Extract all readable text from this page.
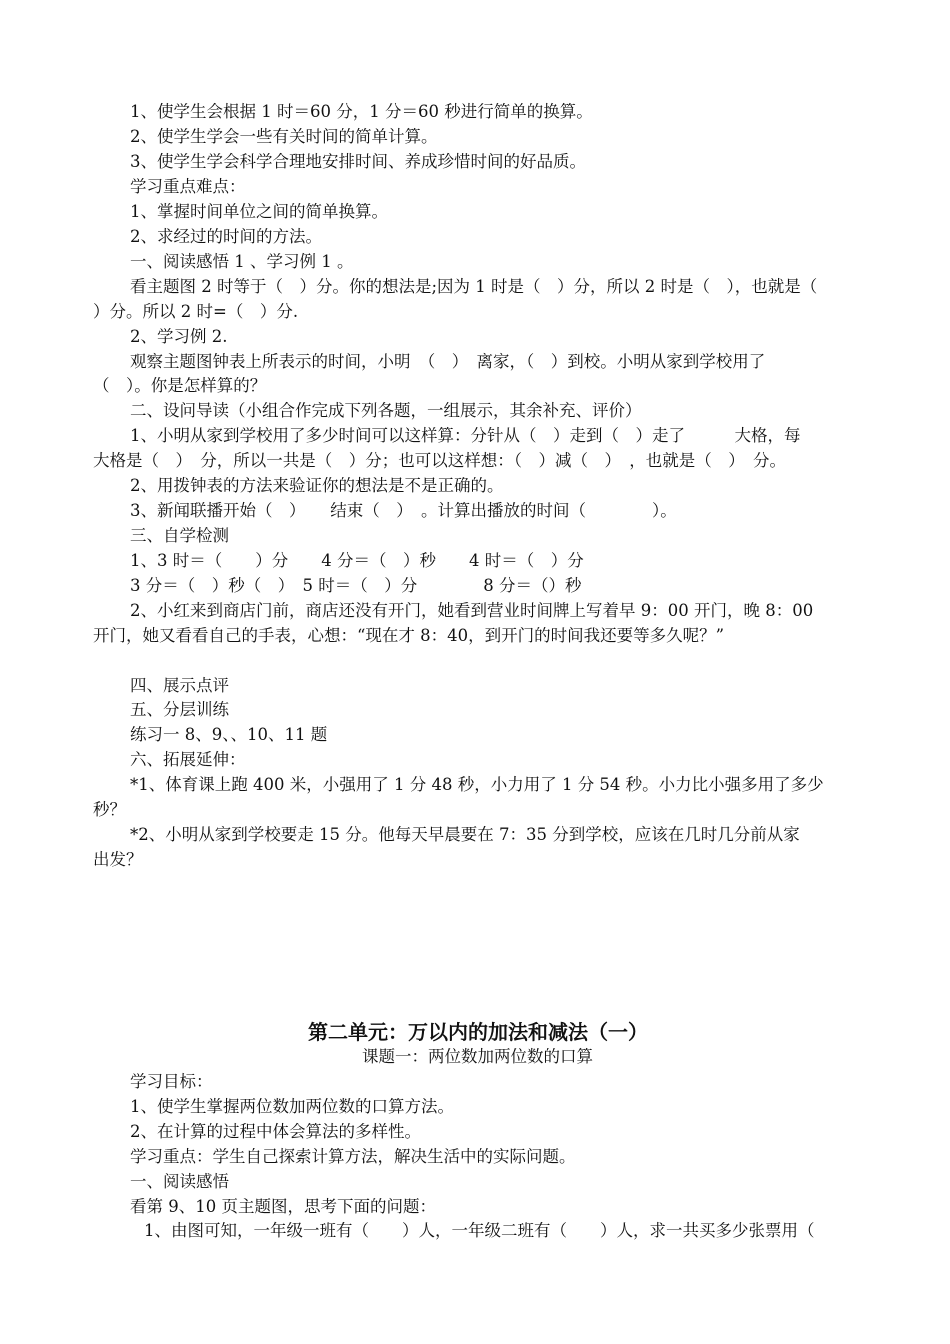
1、使学生会根据 1 时＝60 分，1 分＝60 秒进行简单的换算。
2、使学生学会一些有关时间的简单计算。
3、使学生学会科学合理地安排时间、养成珍惜时间的好品质。
学习重点难点：
1、掌握时间单位之间的简单换算。
2、求经过的时间的方法。
一、阅读感悟 1 、学习例 1 。
看主题图 2 时等于（　）分。你的想法是;因为 1 时是（　）分，所以 2 时是（　），也就是（
）分。所以 2 时=（　）分.
2、学习例 2.
观察主题图钟表上所表示的时间，小明　（　）　离家，（　）到校。小明从家到学校用了
（　）。你是怎样算的？
二、设问导读（小组合作完成下列各题，一组展示，其余补充、评价）
1、小明从家到学校用了多少时间可以这样算：分针从（　）走到（　）走了　　　大格，每
大格是（　）　分，所以一共是（　）分；也可以这样想：（　）减（　）　，也就是（　）　分。
2、用拨钟表的方法来验证你的想法是不是正确的。
3、新闻联播开始（　）　　结束（　）　。计算出播放的时间（　　　　）。
三、自学检测
1、3 时＝（　　）分　　4 分＝（　）秒　　4 时＝（　）分
3 分＝（　）秒（　）　5 时＝（　）分　　　　8 分＝（）秒
2、小红来到商店门前，商店还没有开门，她看到营业时间牌上写着早 9：00 开门，晚 8：00
开门，她又看看自己的手表，心想：“现在才 8：40，到开门的时间我还要等多久呢？”
四、展示点评
五、分层训练
练习一 8、9、、10、11 题
六、拓展延伸：
*1、体育课上跑 400 米，小强用了 1 分 48 秒，小力用了 1 分 54 秒。小力比小强多用了多少
秒？
*2、小明从家到学校要走 15 分。他每天早晨要在 7：35 分到学校，应该在几时几分前从家
出发？
第二单元：万以内的加法和减法（一）
课题一：两位数加两位数的口算
学习目标：
1、使学生掌握两位数加两位数的口算方法。
2、在计算的过程中体会算法的多样性。
学习重点：学生自己探索计算方法，解决生活中的实际问题。
一、阅读感悟
看第 9、10 页主题图，思考下面的问题：
1、由图可知，一年级一班有（　　）人，一年级二班有（　　）人，求一共买多少张票用（
